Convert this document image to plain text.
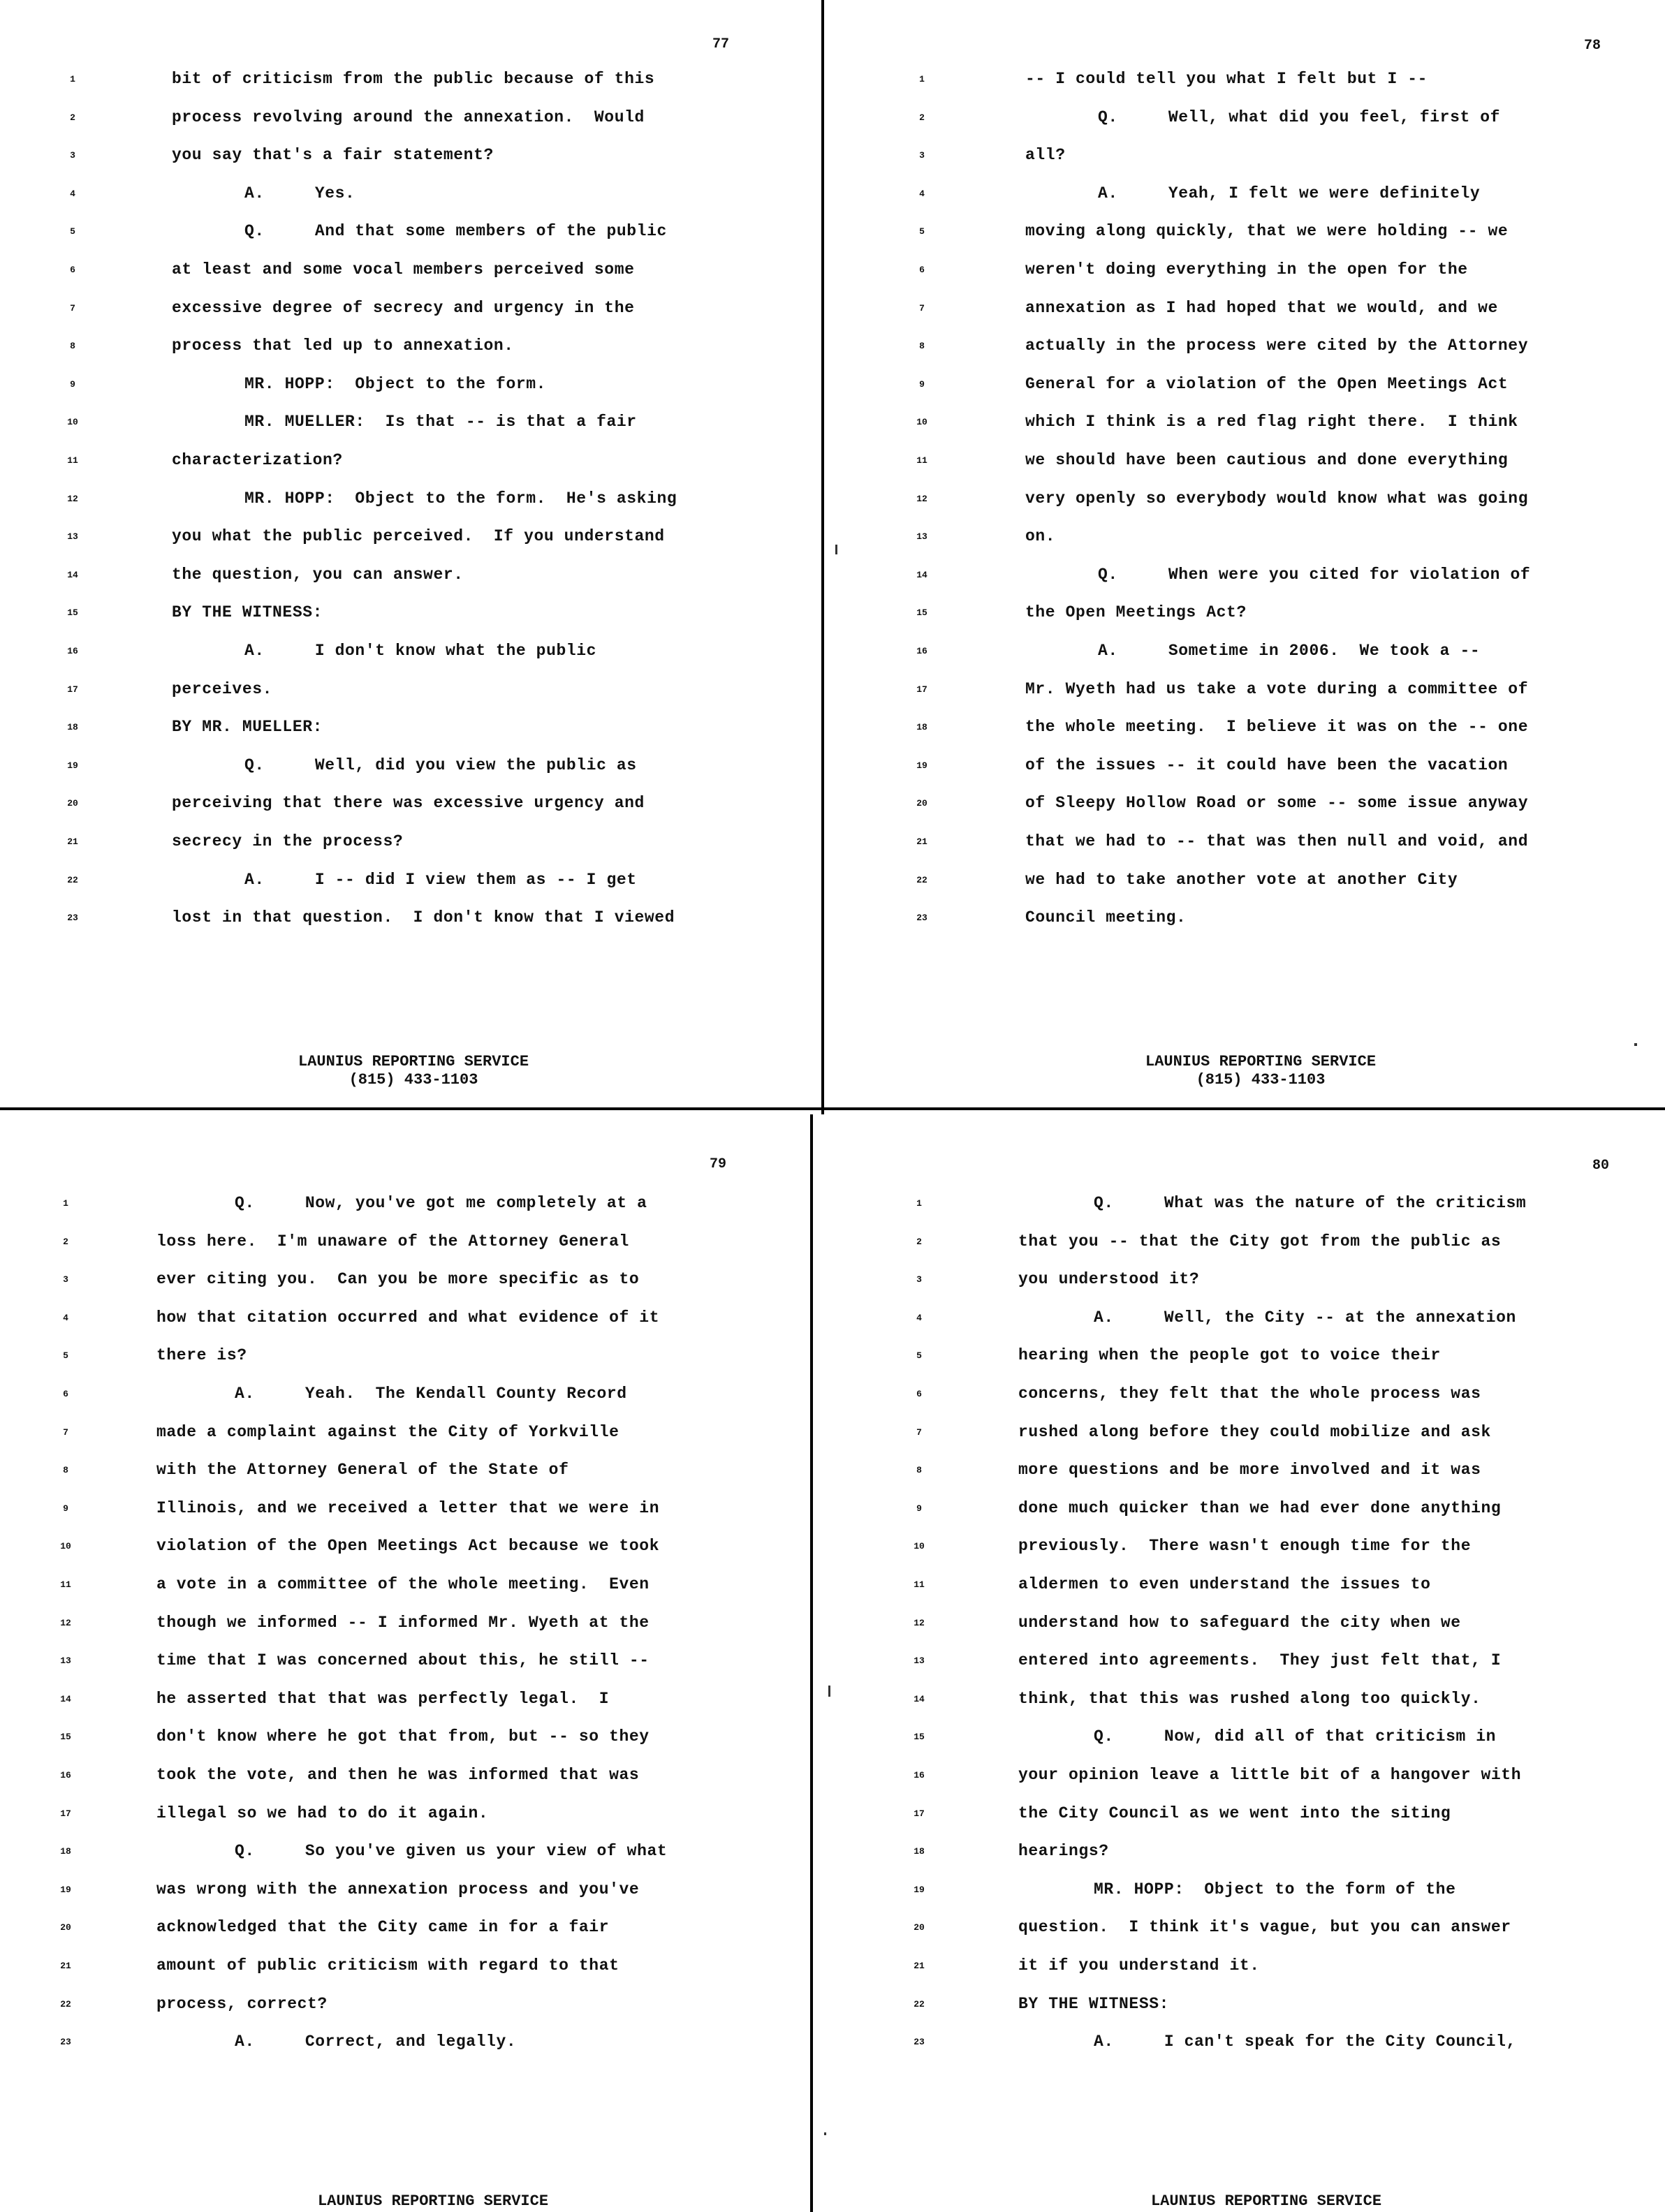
77
1	bit of criticism from the public because of this
2	process revolving around the annexation.  Would
3	you say that's a fair statement?
4	A.     Yes.
5	Q.     And that some members of the public
6	at least and some vocal members perceived some
7	excessive degree of secrecy and urgency in the
8	process that led up to annexation.
9	MR. HOPP:  Object to the form.
10	MR. MUELLER:  Is that -- is that a fair
11	characterization?
12	MR. HOPP:  Object to the form.  He's asking
13	you what the public perceived.  If you understand
14	the question, you can answer.
15	BY THE WITNESS:
16	A.     I don't know what the public
17	perceives.
18	BY MR. MUELLER:
19	Q.     Well, did you view the public as
20	perceiving that there was excessive urgency and
21	secrecy in the process?
22	A.     I -- did I view them as -- I get
23	lost in that question.  I don't know that I viewed
LAUNIUS REPORTING SERVICE
(815) 433-1103
78
1	-- I could tell you what I felt but I --
2	Q.     Well, what did you feel, first of
3	all?
4	A.     Yeah, I felt we were definitely
5	moving along quickly, that we were holding -- we
6	weren't doing everything in the open for the
7	annexation as I had hoped that we would, and we
8	actually in the process were cited by the Attorney
9	General for a violation of the Open Meetings Act
10	which I think is a red flag right there.  I think
11	we should have been cautious and done everything
12	very openly so everybody would know what was going
13	on.
14	Q.     When were you cited for violation of
15	the Open Meetings Act?
16	A.     Sometime in 2006.  We took a --
17	Mr. Wyeth had us take a vote during a committee of
18	the whole meeting.  I believe it was on the -- one
19	of the issues -- it could have been the vacation
20	of Sleepy Hollow Road or some -- some issue anyway
21	that we had to -- that was then null and void, and
22	we had to take another vote at another City
23	Council meeting.
LAUNIUS REPORTING SERVICE
(815) 433-1103
79
1	Q.     Now, you've got me completely at a
2	loss here.  I'm unaware of the Attorney General
3	ever citing you.  Can you be more specific as to
4	how that citation occurred and what evidence of it
5	there is?
6	A.     Yeah.  The Kendall County Record
7	made a complaint against the City of Yorkville
8	with the Attorney General of the State of
9	Illinois, and we received a letter that we were in
10	violation of the Open Meetings Act because we took
11	a vote in a committee of the whole meeting.  Even
12	though we informed -- I informed Mr. Wyeth at the
13	time that I was concerned about this, he still --
14	he asserted that that was perfectly legal.  I
15	don't know where he got that from, but -- so they
16	took the vote, and then he was informed that was
17	illegal so we had to do it again.
18	Q.     So you've given us your view of what
19	was wrong with the annexation process and you've
20	acknowledged that the City came in for a fair
21	amount of public criticism with regard to that
22	process, correct?
23	A.     Correct, and legally.
LAUNIUS REPORTING SERVICE
80
1	Q.     What was the nature of the criticism
2	that you -- that the City got from the public as
3	you understood it?
4	A.     Well, the City -- at the annexation
5	hearing when the people got to voice their
6	concerns, they felt that the whole process was
7	rushed along before they could mobilize and ask
8	more questions and be more involved and it was
9	done much quicker than we had ever done anything
10	previously.  There wasn't enough time for the
11	aldermen to even understand the issues to
12	understand how to safeguard the city when we
13	entered into agreements.  They just felt that, I
14	think, that this was rushed along too quickly.
15	Q.     Now, did all of that criticism in
16	your opinion leave a little bit of a hangover with
17	the City Council as we went into the siting
18	hearings?
19	MR. HOPP:  Object to the form of the
20	question.  I think it's vague, but you can answer
21	it if you understand it.
22	BY THE WITNESS:
23	A.     I can't speak for the City Council,
LAUNIUS REPORTING SERVICE
